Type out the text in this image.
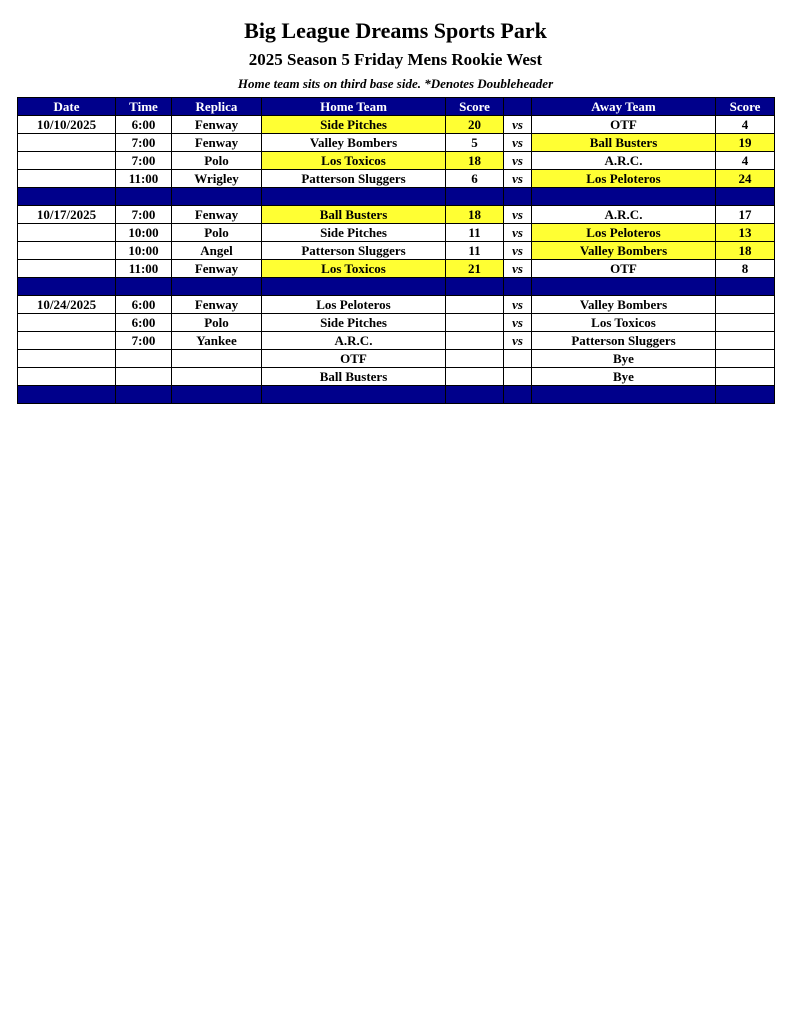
Big League Dreams Sports Park
2025 Season 5 Friday Mens Rookie West
Home team sits on third base side. *Denotes Doubleheader
Date	Time	Replica	Home Team	Score		Away Team	Score
10/10/2025	6:00	Fenway	Side Pitches	20	vs	OTF	4
	7:00	Fenway	Valley Bombers	5	vs	Ball Busters	19
	7:00	Polo	Los Toxicos	18	vs	A.R.C.	4
	11:00	Wrigley	Patterson Sluggers	6	vs	Los Peloteros	24

10/17/2025	7:00	Fenway	Ball Busters	18	vs	A.R.C.	17
	10:00	Polo	Side Pitches	11	vs	Los Peloteros	13
	10:00	Angel	Patterson Sluggers	11	vs	Valley Bombers	18
	11:00	Fenway	Los Toxicos	21	vs	OTF	8

10/24/2025	6:00	Fenway	Los Peloteros		vs	Valley Bombers	
	6:00	Polo	Side Pitches		vs	Los Toxicos	
	7:00	Yankee	A.R.C.		vs	Patterson Sluggers	
			OTF			Bye	
			Ball Busters			Bye	
